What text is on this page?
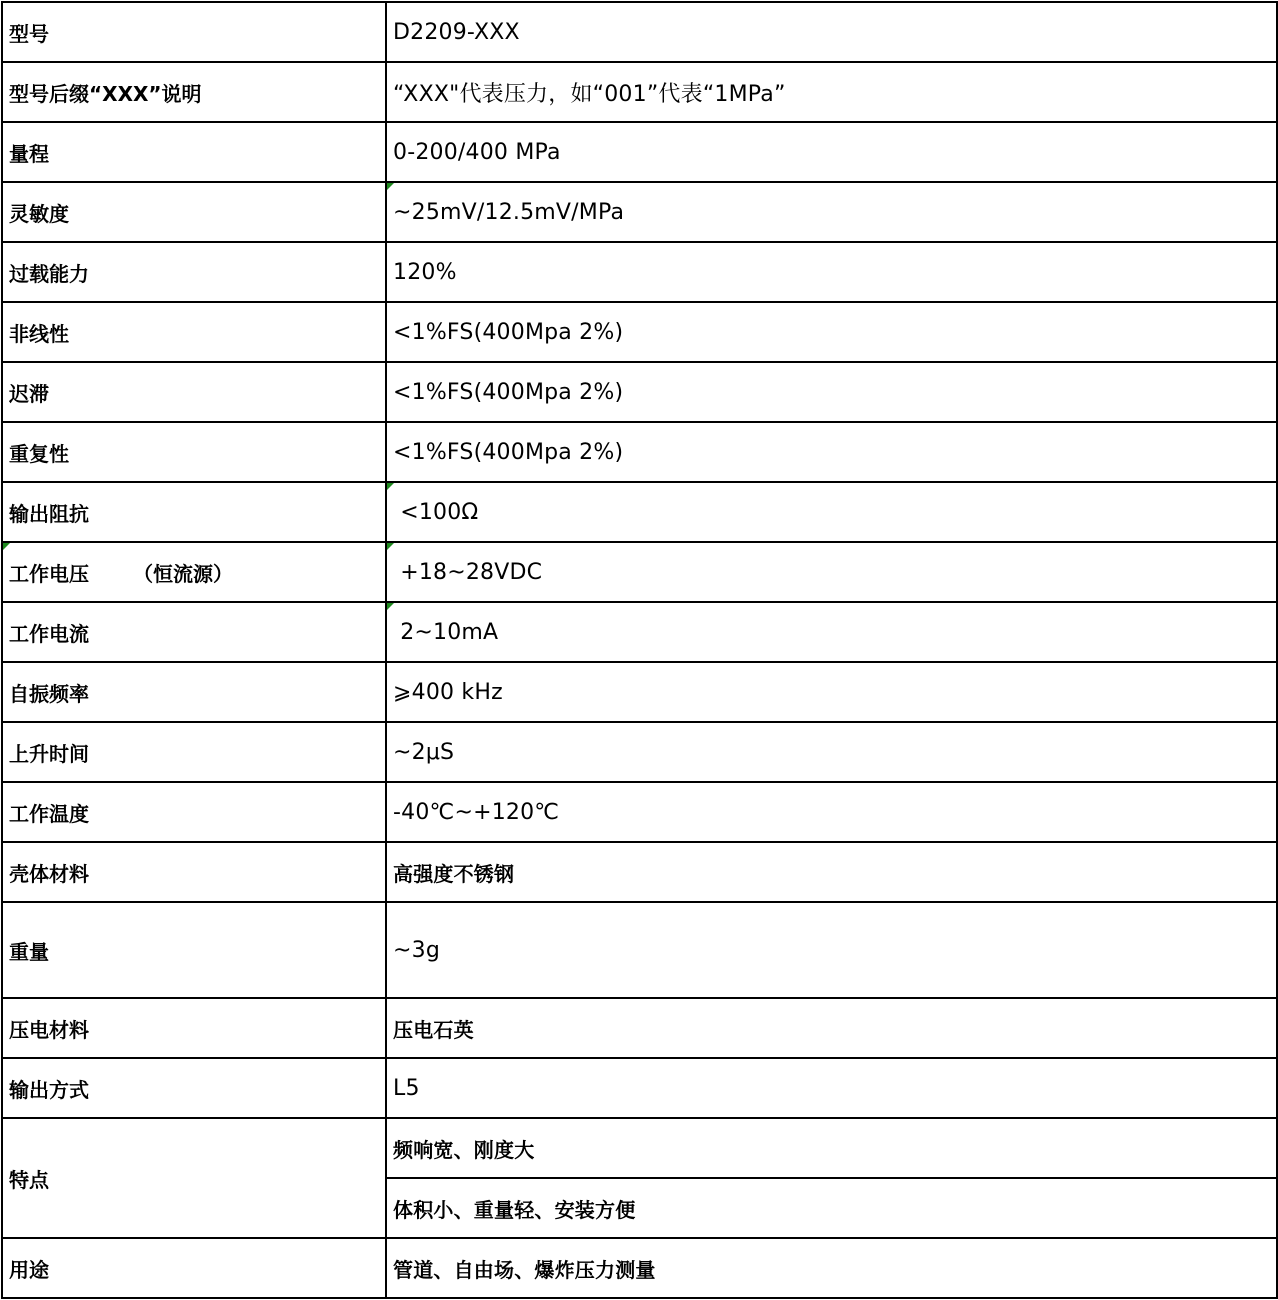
型号	D2209-XXX
型号后缀“XXX”说明	“XXX"代表压力，如“001”代表“1MPa”
量程	0-200/400 MPa
灵敏度	~25mV/12.5mV/MPa
过载能力	120%
非线性	<1%FS(400Mpa 2%)
迟滞	<1%FS(400Mpa 2%)
重复性	<1%FS(400Mpa 2%)
输出阻抗	<100Ω

工作电压 （恒流源）	+18~28VDC
工作电流	2~10mA
自振频率	⩾400 kHz
上升时间	~2μS
工作温度	-40℃~+120℃
壳体材料	高强度不锈钢
重量	~3g
压电材料	压电石英
输出方式	L5
特点	频响宽、刚度大
	体积小、重量轻、安装方便
用途	管道、自由场、爆炸压力测量
